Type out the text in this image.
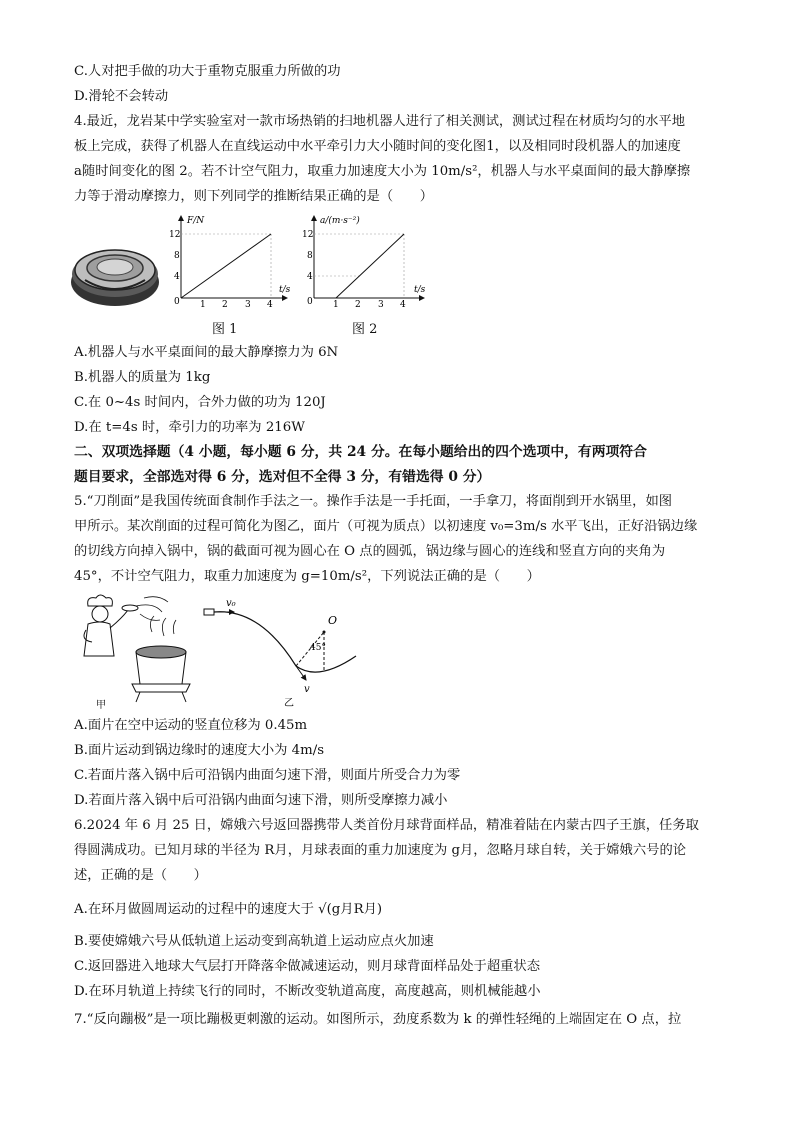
C.人对把手做的功大于重物克服重力所做的功
D.滑轮不会转动
4.最近，龙岩某中学实验室对一款市场热销的扫地机器人进行了相关测试，测试过程在材质均匀的水平地
板上完成，获得了机器人在直线运动中水平牵引力大小随时间的变化图1，以及相同时段机器人的加速度
a随时间变化的图 2。若不计空气阻力，取重力加速度大小为 10m/s²，机器人与水平桌面间的最大静摩擦
力等于滑动摩擦力，则下列同学的推断结果正确的是（　　）
F/N
t/s
0
12
8
4
1 2 3 4
a/(m·s⁻²)
t/s
0
12
8
4
1 2 3 4
图 1	图 2
A.机器人与水平桌面间的最大静摩擦力为 6N
B.机器人的质量为 1kg
C.在 0~4s 时间内，合外力做的功为 120J
D.在 t=4s 时，牵引力的功率为 216W
二、双项选择题（4 小题，每小题 6 分，共 24 分。在每小题给出的四个选项中，有两项符合
题目要求，全部选对得 6 分，选对但不全得 3 分，有错选得 0 分）
5.“刀削面”是我国传统面食制作手法之一。操作手法是一手托面，一手拿刀，将面削到开水锅里，如图
甲所示。某次削面的过程可简化为图乙，面片（可视为质点）以初速度 v₀=3m/s 水平飞出，正好沿锅边缘
的切线方向掉入锅中，锅的截面可视为圆心在 O 点的圆弧，锅边缘与圆心的连线和竖直方向的夹角为
45°，不计空气阻力，取重力加速度为 g=10m/s²，下列说法正确的是（　　）
甲
v₀
O
45°
v
乙
A.面片在空中运动的竖直位移为 0.45m
B.面片运动到锅边缘时的速度大小为 4m/s
C.若面片落入锅中后可沿锅内曲面匀速下滑，则面片所受合力为零
D.若面片落入锅中后可沿锅内曲面匀速下滑，则所受摩擦力减小
6.2024 年 6 月 25 日，嫦娥六号返回器携带人类首份月球背面样品，精准着陆在内蒙古四子王旗，任务取
得圆满成功。已知月球的半径为 R月，月球表面的重力加速度为 g月，忽略月球自转，关于嫦娥六号的论
述，正确的是（　　）
A.在环月做圆周运动的过程中的速度大于 √(g月R月)
B.要使嫦娥六号从低轨道上运动变到高轨道上运动应点火加速
C.返回器进入地球大气层打开降落伞做减速运动，则月球背面样品处于超重状态
D.在环月轨道上持续飞行的同时，不断改变轨道高度，高度越高，则机械能越小
7.“反向蹦极”是一项比蹦极更刺激的运动。如图所示，劲度系数为 k 的弹性轻绳的上端固定在 O 点，拉
